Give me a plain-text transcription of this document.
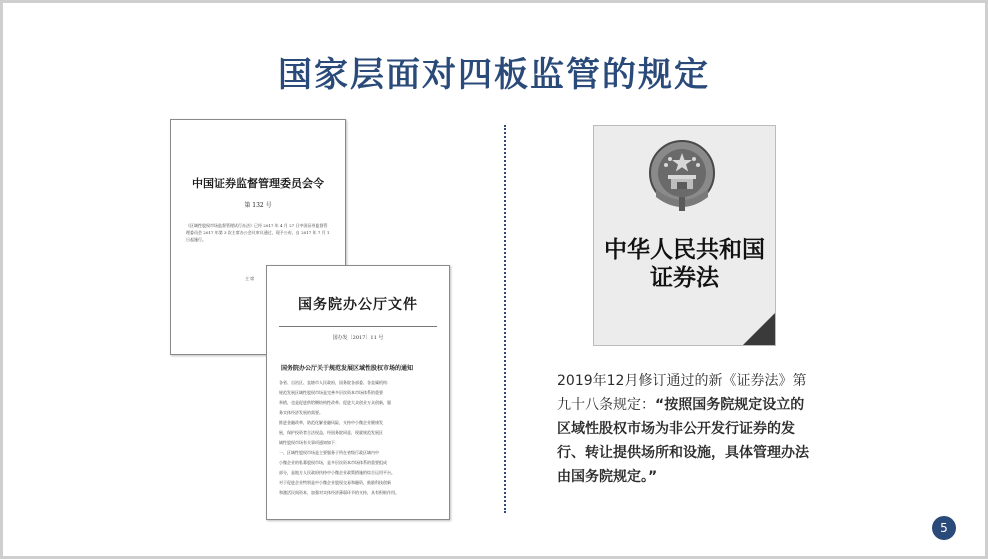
国家层面对四板监管的规定
中国证券监督管理委员会令
第 132 号
《区域性股权市场监督管理试行办法》已经 2017 年 4 月 27 日中国证券监督管理委员会 2017 年第 3 次主席办公会议审议通过，现予公布，自 2017 年 7 月 1 日起施行。
主 席
国务院办公厅文件
国办发〔2017〕11 号
国务院办公厅关于规范发展区域性股权市场的通知

各省、自治区、直辖市人民政府，国务院各部委、各直属机构：

规范发展区域性股权市场是完善多层次资本市场体系的重要

举措，也是促进供给侧结构性改革、促进大众创业万众创新，服

务实体经济发展的需要。

推进金融改革，防范化解金融风险，支持中小微企业健康发

展，保护投资者合法权益，经国务院同意，现就规范发展区

域性股权市场有关事项通知如下：

一、区域性股权市场是主要服务于所在省级行政区域内中

小微企业的私募股权市场，是多层次资本市场体系的重要组成

部分，是地方人民政府扶持中小微企业政策措施的综合运用平台。

对于促进企业特别是中小微企业股权交易和融资，鼓励科技创新

和激活民间资本，加强对实体经济薄弱环节的支持，具有积极作用。

中华人民共和国
证券法
2019年12月修订通过的新《证券法》第九十八条规定：“按照国务院规定设立的区域性股权市场为非公开发行证券的发行、转让提供场所和设施，具体管理办法由国务院规定。”
5
